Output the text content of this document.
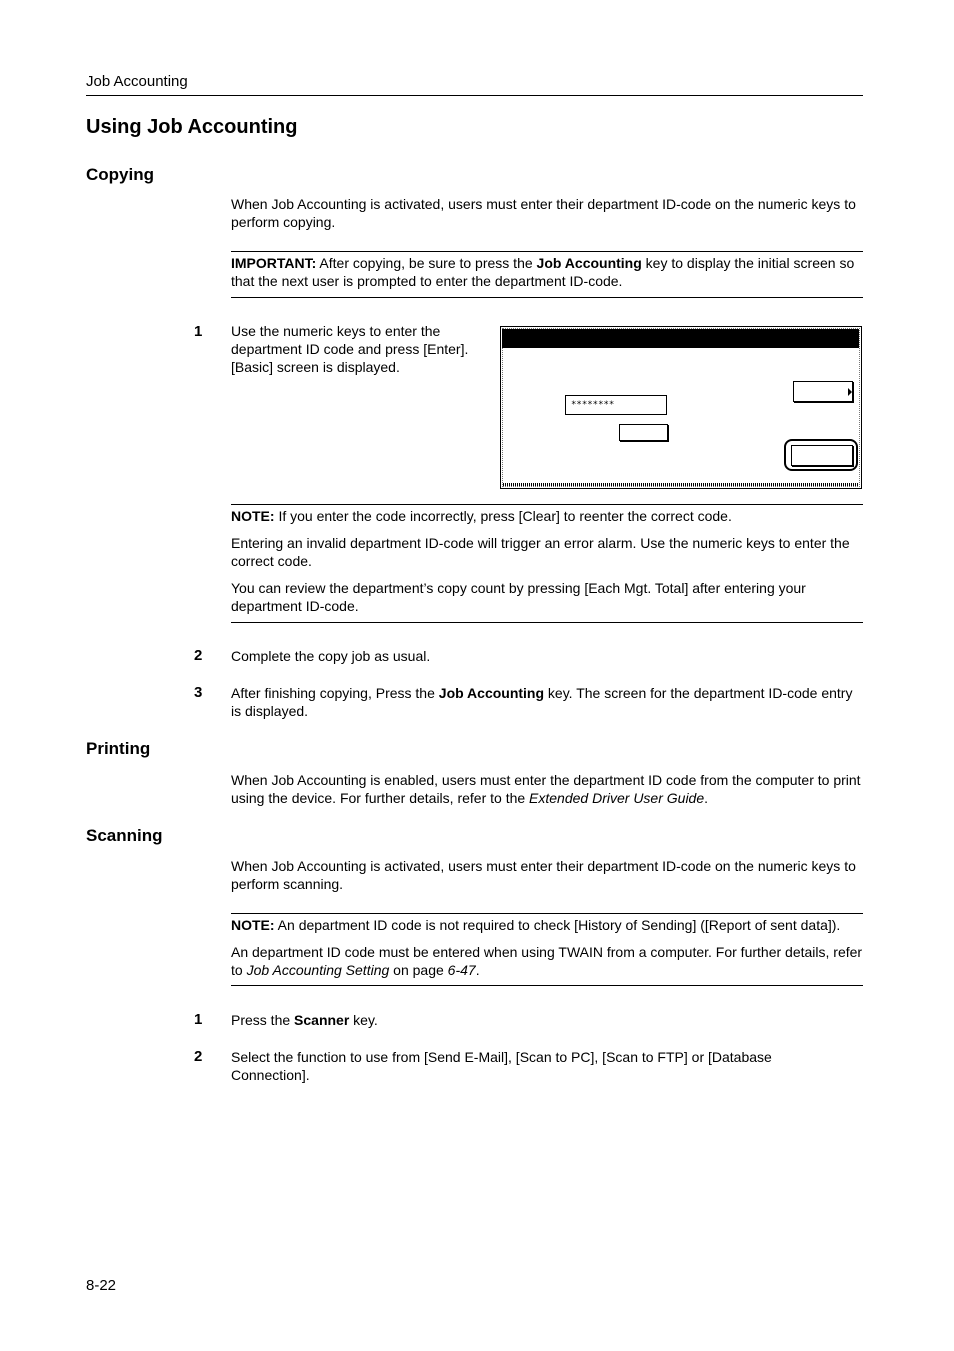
Job Accounting
Using Job Accounting
Copying
When Job Accounting is activated, users must enter their department ID-code on the numeric keys to perform copying.
IMPORTANT: After copying, be sure to press the Job Accounting key to display the initial screen so that the next user is prompted to enter the department ID-code.
1 Use the numeric keys to enter the department ID code and press [Enter]. [Basic] screen is displayed.
********
NOTE: If you enter the code incorrectly, press [Clear] to reenter the correct code.
Entering an invalid department ID-code will trigger an error alarm. Use the numeric keys to enter the correct code.
You can review the department’s copy count by pressing [Each Mgt. Total] after entering your department ID-code.
2 Complete the copy job as usual.
3 After finishing copying, Press the Job Accounting key. The screen for the department ID-code entry is displayed.
Printing
When Job Accounting is enabled, users must enter the department ID code from the computer to print using the device. For further details, refer to the Extended Driver User Guide.
Scanning
When Job Accounting is activated, users must enter their department ID-code on the numeric keys to perform scanning.
NOTE: An department ID code is not required to check [History of Sending] ([Report of sent data]).
An department ID code must be entered when using TWAIN from a computer. For further details, refer to Job Accounting Setting on page 6-47.
1 Press the Scanner key.
2 Select the function to use from [Send E-Mail], [Scan to PC], [Scan to FTP] or [Database Connection].
8-22
